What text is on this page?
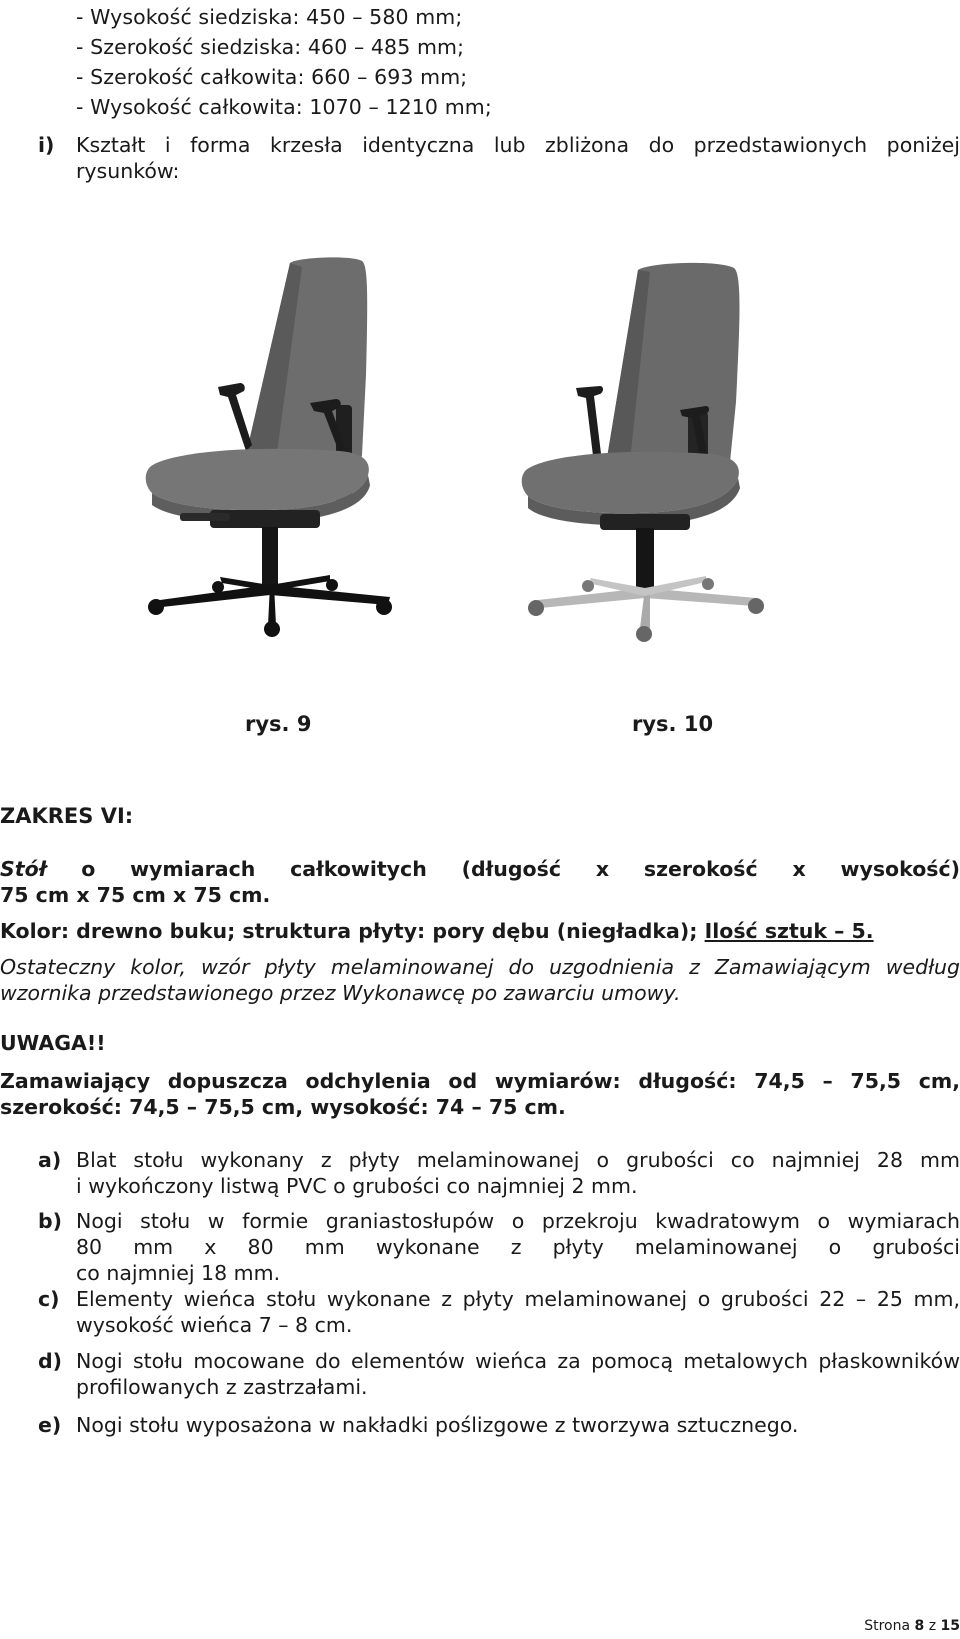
- Wysokość siedziska: 450 – 580 mm;
- Szerokość siedziska: 460 – 485 mm;
- Szerokość całkowita: 660 – 693 mm;
- Wysokość całkowita: 1070 – 1210 mm;
i) Kształt i forma krzesła identyczna lub zbliżona do przedstawionych poniżej
rysunków:
rys. 9	rys. 10
ZAKRES VI:
Stół o wymiarach całkowitych (długość x szerokość x wysokość)
75 cm x 75 cm x 75 cm.
Kolor: drewno buku; struktura płyty: pory dębu (niegładka); Ilość sztuk – 5.
Ostateczny kolor, wzór płyty melaminowanej do uzgodnienia z Zamawiającym według
wzornika przedstawionego przez Wykonawcę po zawarciu umowy.
UWAGA!!
Zamawiający dopuszcza odchylenia od wymiarów: długość: 74,5 – 75,5 cm,
szerokość: 74,5 – 75,5 cm, wysokość: 74 – 75 cm.
a) Blat stołu wykonany z płyty melaminowanej o grubości co najmniej 28 mm
i wykończony listwą PVC o grubości co najmniej 2 mm.
b) Nogi stołu w formie graniastosłupów o przekroju kwadratowym o wymiarach
80 mm x 80 mm wykonane z płyty melaminowanej o grubości
co najmniej 18 mm.
c) Elementy wieńca stołu wykonane z płyty melaminowanej o grubości 22 – 25 mm,
wysokość wieńca 7 – 8 cm.
d) Nogi stołu mocowane do elementów wieńca za pomocą metalowych płaskowników
profilowanych z zastrzałami.
e) Nogi stołu wyposażona w nakładki poślizgowe z tworzywa sztucznego.
Strona 8 z 15
